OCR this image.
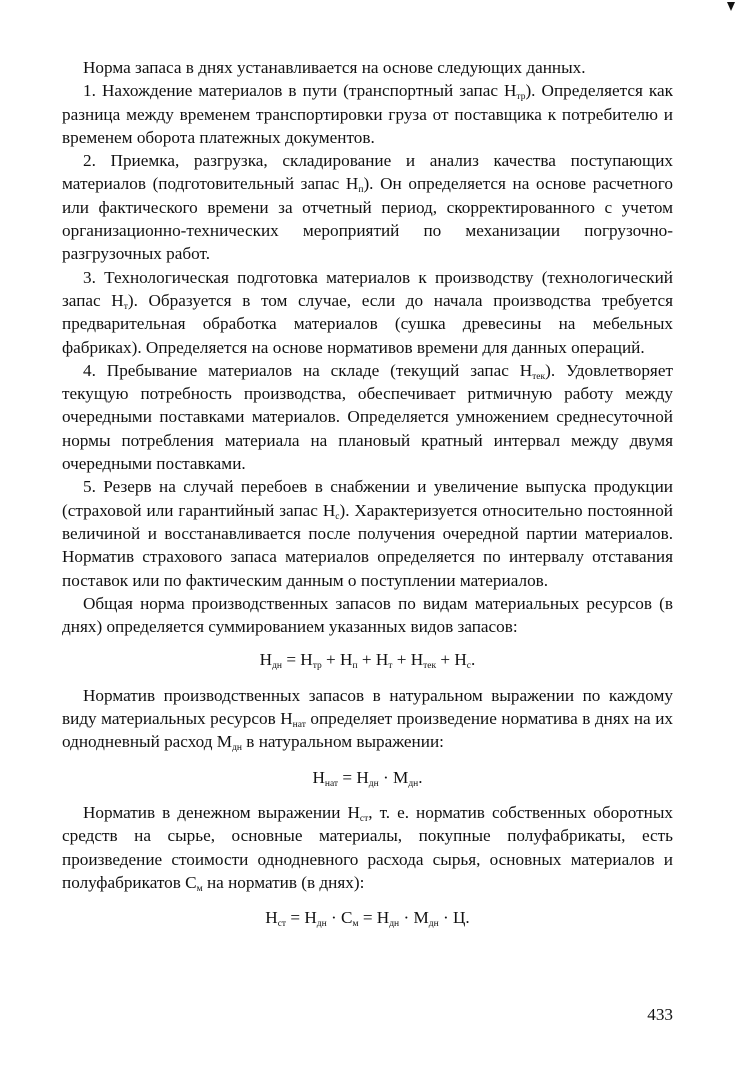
Норма запаса в днях устанавливается на основе следующих данных.

1. Нахождение материалов в пути (транспортный запас $Н_{тр}$). Определяется как разница между временем транспортировки груза от поставщика к потребителю и временем оборота платежных документов.

2. Приемка, разгрузка, складирование и анализ качества поступающих материалов (подготовительный запас $Н_п$). Он определяется на основе расчетного или фактического времени за отчетный период, скорректированного с учетом организационно-технических мероприятий по механизации погрузочно-разгрузочных работ.

3. Технологическая подготовка материалов к производству (технологический запас $Н_т$). Образуется в том случае, если до начала производства требуется предварительная обработка материалов (сушка древесины на мебельных фабриках). Определяется на основе нормативов времени для данных операций.

4. Пребывание материалов на складе (текущий запас $Н_{тек}$). Удовлетворяет текущую потребность производства, обеспечивает ритмичную работу между очередными поставками материалов. Определяется умножением среднесуточной нормы потребления материала на плановый кратный интервал между двумя очередными поставками.

5. Резерв на случай перебоев в снабжении и увеличение выпуска продукции (страховой или гарантийный запас $Н_с$). Характеризуется относительно постоянной величиной и восстанавливается после получения очередной партии материалов. Норматив страхового запаса материалов определяется по интервалу отставания поставок или по фактическим данным о поступлении материалов.

Общая норма производственных запасов по видам материальных ресурсов (в днях) определяется суммированием указанных видов запасов:

$Н_{дн} = Н_{тр} + Н_п + Н_т + Н_{тек} + Н_с$.

Норматив производственных запасов в натуральном выражении по каждому виду материальных ресурсов $Н_{нат}$ определяет произведение норматива в днях на их однодневный расход $М_{дн}$ в натуральном выражении:

$Н_{нат} = Н_{дн} \cdot М_{дн}$.

Норматив в денежном выражении $Н_{ст}$, т. е. норматив собственных оборотных средств на сырье, основные материалы, покупные полуфабрикаты, есть произведение стоимости однодневного расхода сырья, основных материалов и полуфабрикатов $С_м$ на норматив (в днях):

$Н_{ст} = Н_{дн} \cdot С_м = Н_{дн} \cdot М_{дн} \cdot Ц$.

433
